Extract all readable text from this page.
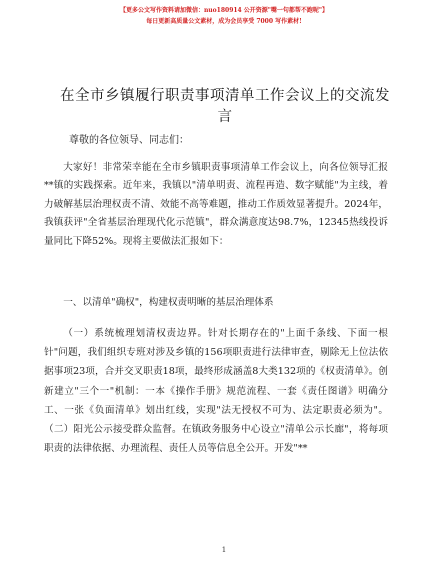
【更多公文写作资料请加微信：nuo180914 公开资源"嘴一句都帮不跑呢"】
每日更新高质量公文素材，成为会员享受 7000 写作素材!
在全市乡镇履行职责事项清单工作会议上的交流发言
尊敬的各位领导、同志们：

大家好！非常荣幸能在全市乡镇职责事项清单工作会议上，向各位领导汇报**镇的实践探索。近年来，我镇以"清单明责、流程再造、数字赋能"为主线，着力破解基层治理权责不清、效能不高等难题，推动工作质效显著提升。2024年，我镇获评"全省基层治理现代化示范镇"，群众满意度达98.7%，12345热线投诉量同比下降52%。现将主要做法汇报如下：

一、以清单"确权"，构建权责明晰的基层治理体系

（一）系统梳理划清权责边界。针对长期存在的"上面千条线、下面一根针"问题，我们组织专班对涉及乡镇的156项职责进行法律审查，剔除无上位法依据事项23项，合并交叉职责18项，最终形成涵盖8大类132项的《权责清单》。创新建立"三个一"机制：一本《操作手册》规范流程、一套《责任图谱》明确分工、一张《负面清单》划出红线，实现"法无授权不可为、法定职责必须为"。（二）阳光公示接受群众监督。在镇政务服务中心设立"清单公示长廊"，将每项职责的法律依据、办理流程、责任人员等信息全公开。开发"**

1
